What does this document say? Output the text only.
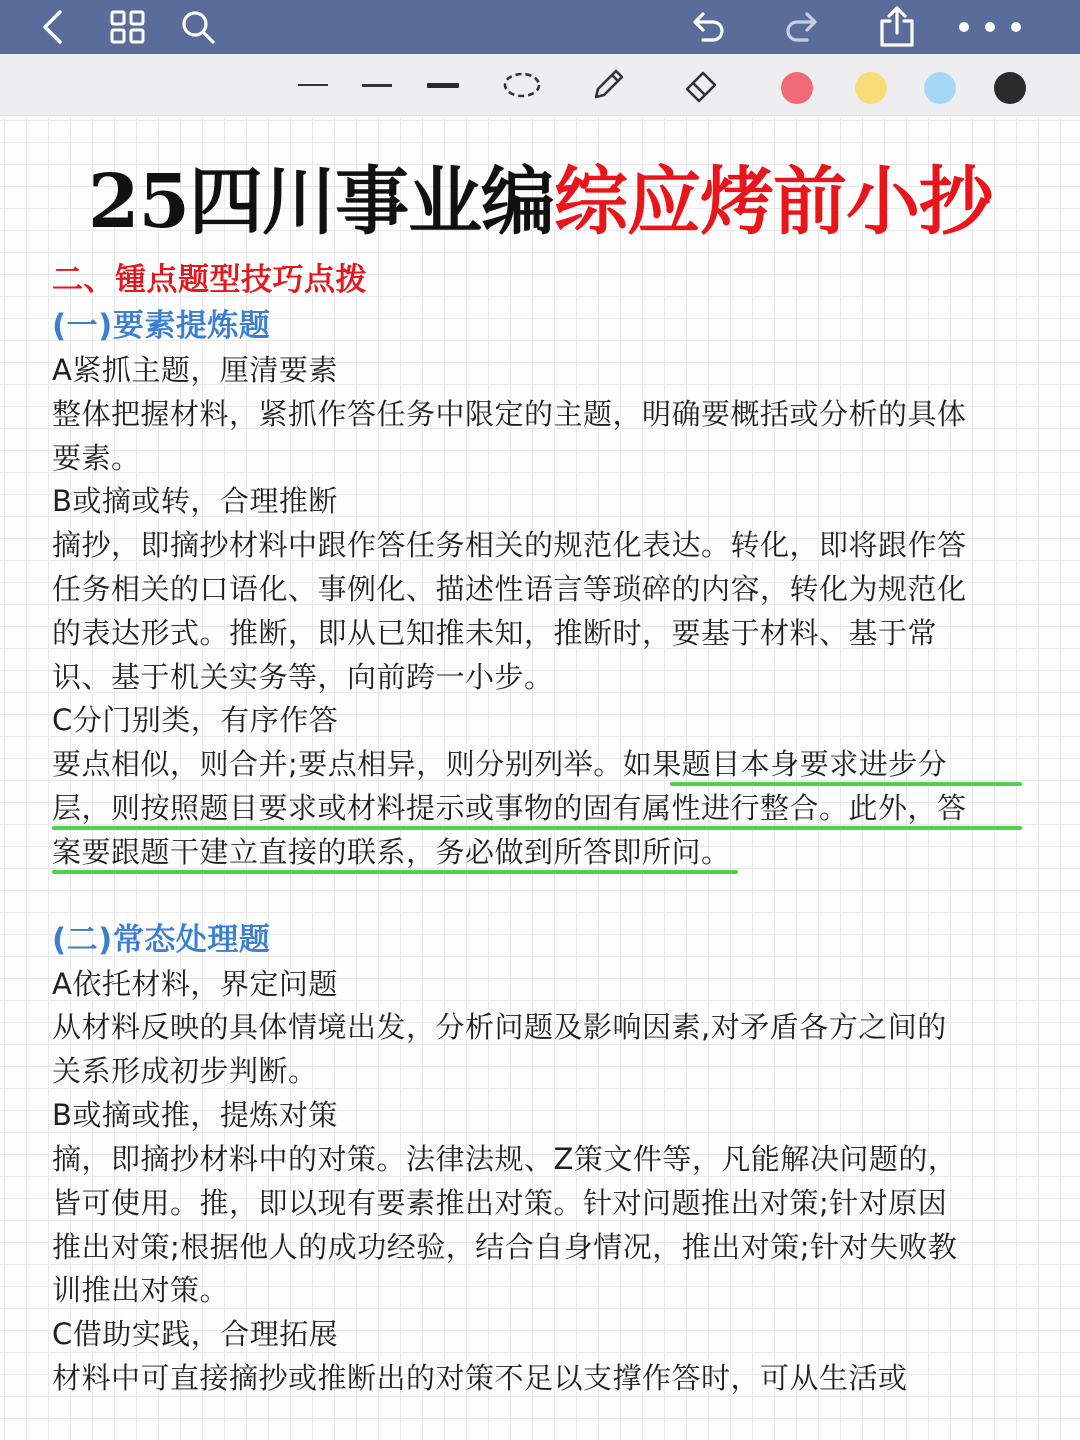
25四川事业编综应烤前小抄
二、锺点题型技巧点拨
(一)要素提炼题
A紧抓主题，厘清要素
整体把握材料，紧抓作答任务中限定的主题，明确要概括或分析的具体
要素。
B或摘或转，合理推断
摘抄，即摘抄材料中跟作答任务相关的规范化表达。转化，即将跟作答
任务相关的口语化、事例化、描述性语言等琐碎的内容，转化为规范化
的表达形式。推断，即从已知推未知，推断时，要基于材料、基于常
识、基于机关实务等，向前跨一小步。
C分门别类，有序作答
要点相似，则合并;要点相异，则分别列举。如果题目本身要求进步分
层，则按照题目要求或材料提示或事物的固有属性进行整合。此外，答
案要跟题干建立直接的联系，务必做到所答即所问。
(二)常态处理题
A依托材料，界定问题
从材料反映的具体情境出发，分析问题及影响因素,对矛盾各方之间的
关系形成初步判断。
B或摘或推，提炼对策
摘，即摘抄材料中的对策。法律法规、Z策文件等，凡能解决问题的，
皆可使用。推，即以现有要素推出对策。针对问题推出对策;针对原因
推出对策;根据他人的成功经验，结合自身情况，推出对策;针对失败教
训推出对策。
C借助实践，合理拓展
材料中可直接摘抄或推断出的对策不足以支撑作答时，可从生活或
